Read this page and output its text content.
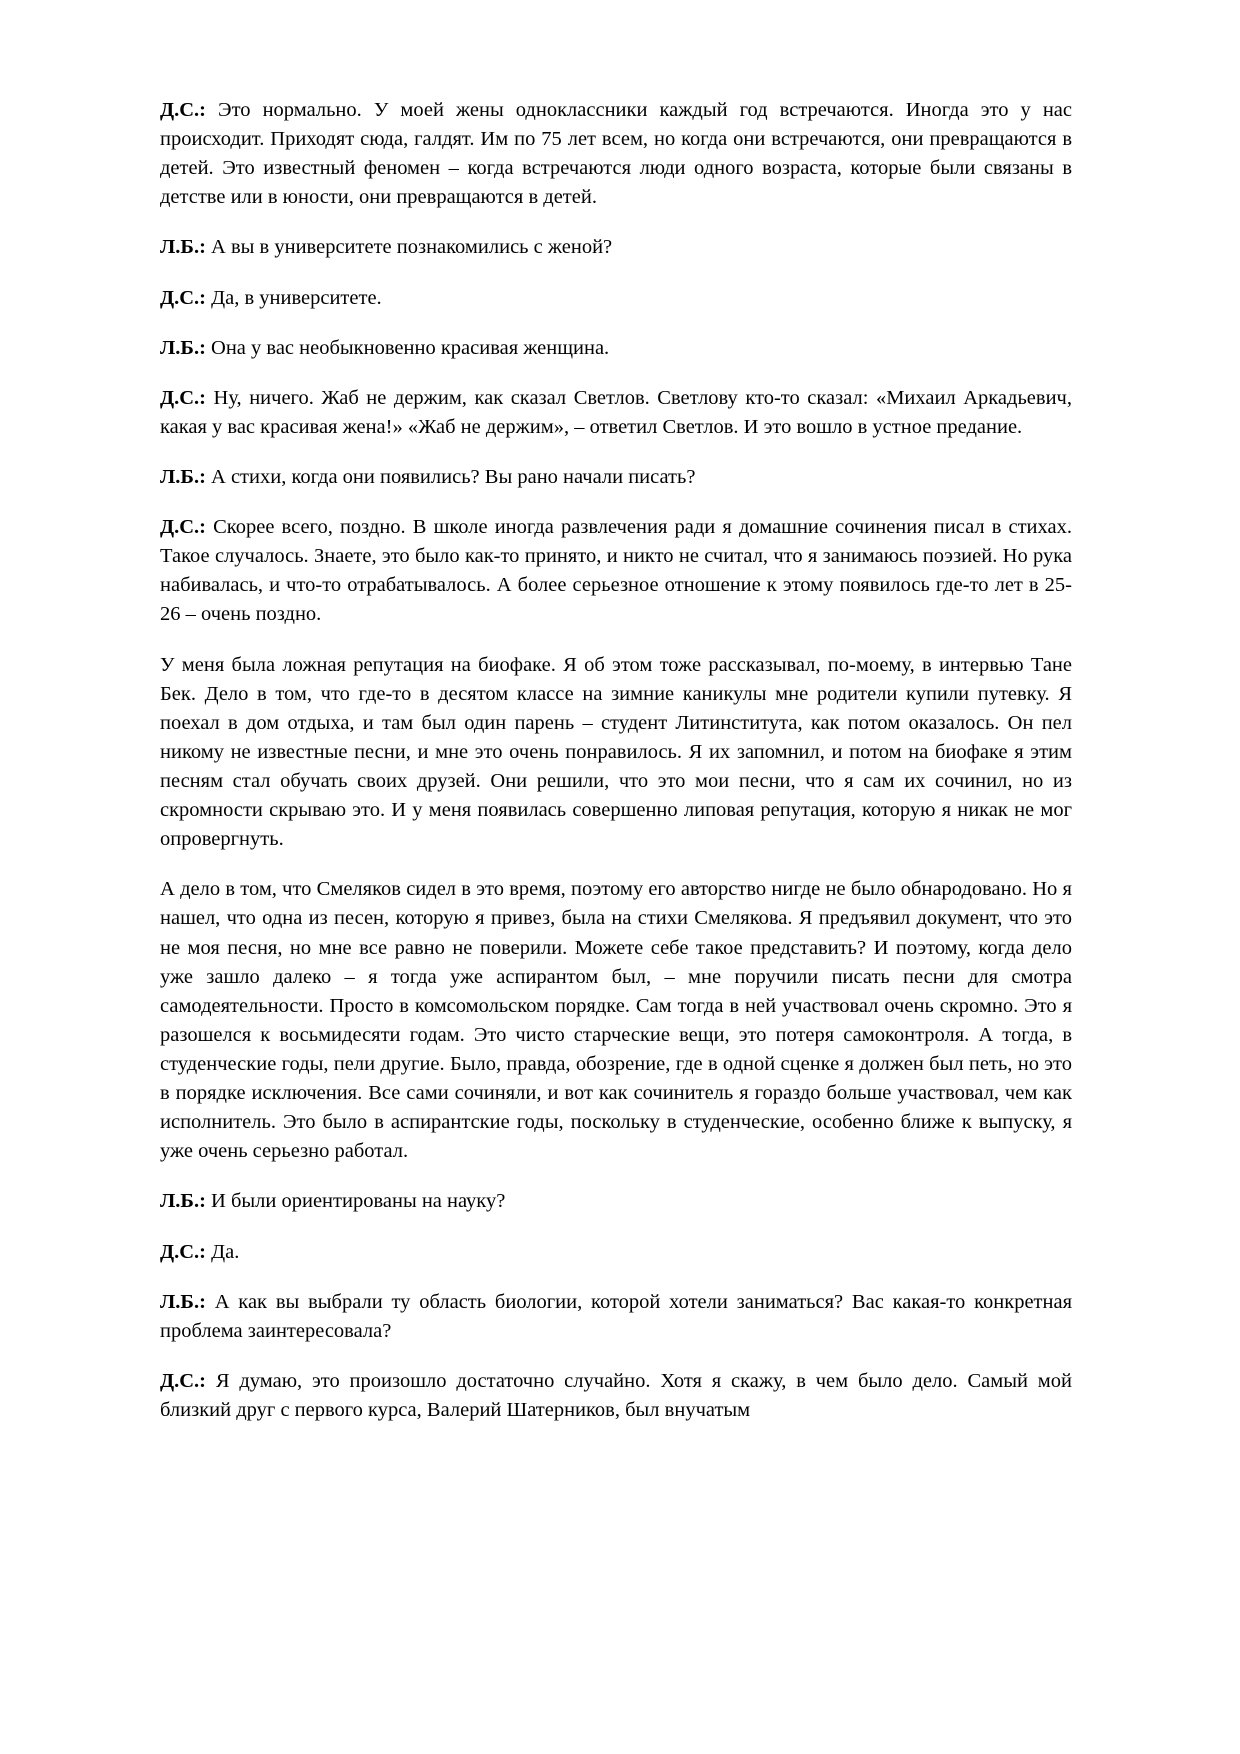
Д.С.: Это нормально. У моей жены одноклассники каждый год встречаются. Иногда это у нас происходит. Приходят сюда, галдят. Им по 75 лет всем, но когда они встречаются, они превращаются в детей. Это известный феномен – когда встречаются люди одного возраста, которые были связаны в детстве или в юности, они превращаются в детей.

Л.Б.: А вы в университете познакомились с женой?

Д.С.: Да, в университете.

Л.Б.: Она у вас необыкновенно красивая женщина.

Д.С.: Ну, ничего. Жаб не держим, как сказал Светлов. Светлову кто-то сказал: «Михаил Аркадьевич, какая у вас красивая жена!» «Жаб не держим», – ответил Светлов. И это вошло в устное предание.

Л.Б.: А стихи, когда они появились? Вы рано начали писать?

Д.С.: Скорее всего, поздно. В школе иногда развлечения ради я домашние сочинения писал в стихах. Такое случалось. Знаете, это было как-то принято, и никто не считал, что я занимаюсь поэзией. Но рука набивалась, и что-то отрабатывалось. А более серьезное отношение к этому появилось где-то лет в 25-26 – очень поздно.

У меня была ложная репутация на биофаке. Я об этом тоже рассказывал, по-моему, в интервью Тане Бек. Дело в том, что где-то в десятом классе на зимние каникулы мне родители купили путевку. Я поехал в дом отдыха, и там был один парень – студент Литинститута, как потом оказалось. Он пел никому не известные песни, и мне это очень понравилось. Я их запомнил, и потом на биофаке я этим песням стал обучать своих друзей. Они решили, что это мои песни, что я сам их сочинил, но из скромности скрываю это. И у меня появилась совершенно липовая репутация, которую я никак не мог опровергнуть.

А дело в том, что Смеляков сидел в это время, поэтому его авторство нигде не было обнародовано. Но я нашел, что одна из песен, которую я привез, была на стихи Смелякова. Я предъявил документ, что это не моя песня, но мне все равно не поверили. Можете себе такое представить? И поэтому, когда дело уже зашло далеко – я тогда уже аспирантом был, – мне поручили писать песни для смотра самодеятельности. Просто в комсомольском порядке. Сам тогда в ней участвовал очень скромно. Это я разошелся к восьмидесяти годам. Это чисто старческие вещи, это потеря самоконтроля. А тогда, в студенческие годы, пели другие. Было, правда, обозрение, где в одной сценке я должен был петь, но это в порядке исключения. Все сами сочиняли, и вот как сочинитель я гораздо больше участвовал, чем как исполнитель. Это было в аспирантские годы, поскольку в студенческие, особенно ближе к выпуску, я уже очень серьезно работал.

Л.Б.: И были ориентированы на науку?

Д.С.: Да.

Л.Б.: А как вы выбрали ту область биологии, которой хотели заниматься? Вас какая-то конкретная проблема заинтересовала?

Д.С.: Я думаю, это произошло достаточно случайно. Хотя я скажу, в чем было дело. Самый мой близкий друг с первого курса, Валерий Шатерников, был внучатым
